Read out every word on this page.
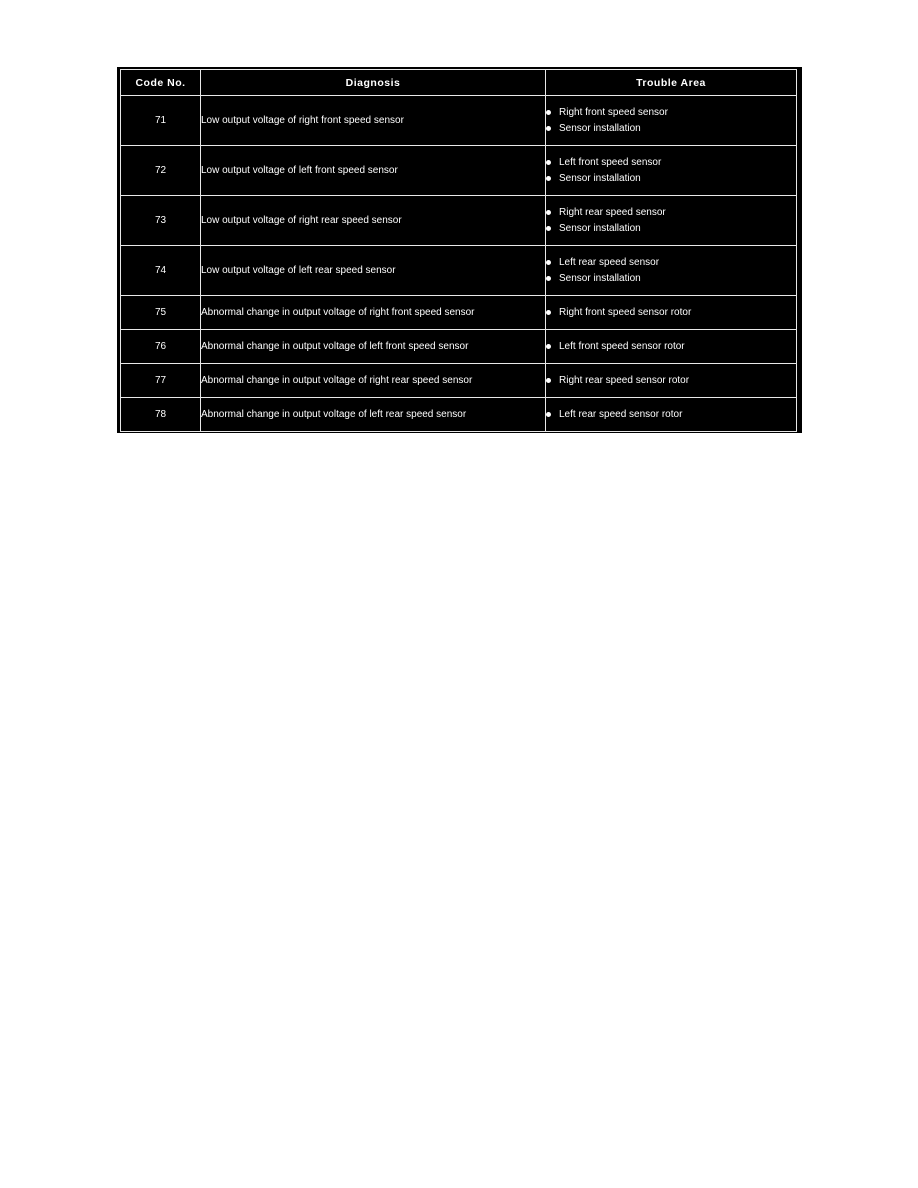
Code No.	Diagnosis	Trouble Area
71	Low output voltage of right front speed sensor	Right front speed sensor
Sensor installation

72	Low output voltage of left front speed sensor	Left front speed sensor
Sensor installation

73	Low output voltage of right rear speed sensor	Right rear speed sensor
Sensor installation

74	Low output voltage of left rear speed sensor	Left rear speed sensor
Sensor installation

75	Abnormal change in output voltage of right front speed sensor	Right front speed sensor rotor

76	Abnormal change in output voltage of left front speed sensor	Left front speed sensor rotor

77	Abnormal change in output voltage of right rear speed sensor	Right rear speed sensor rotor

78	Abnormal change in output voltage of left rear speed sensor	Left rear speed sensor rotor
